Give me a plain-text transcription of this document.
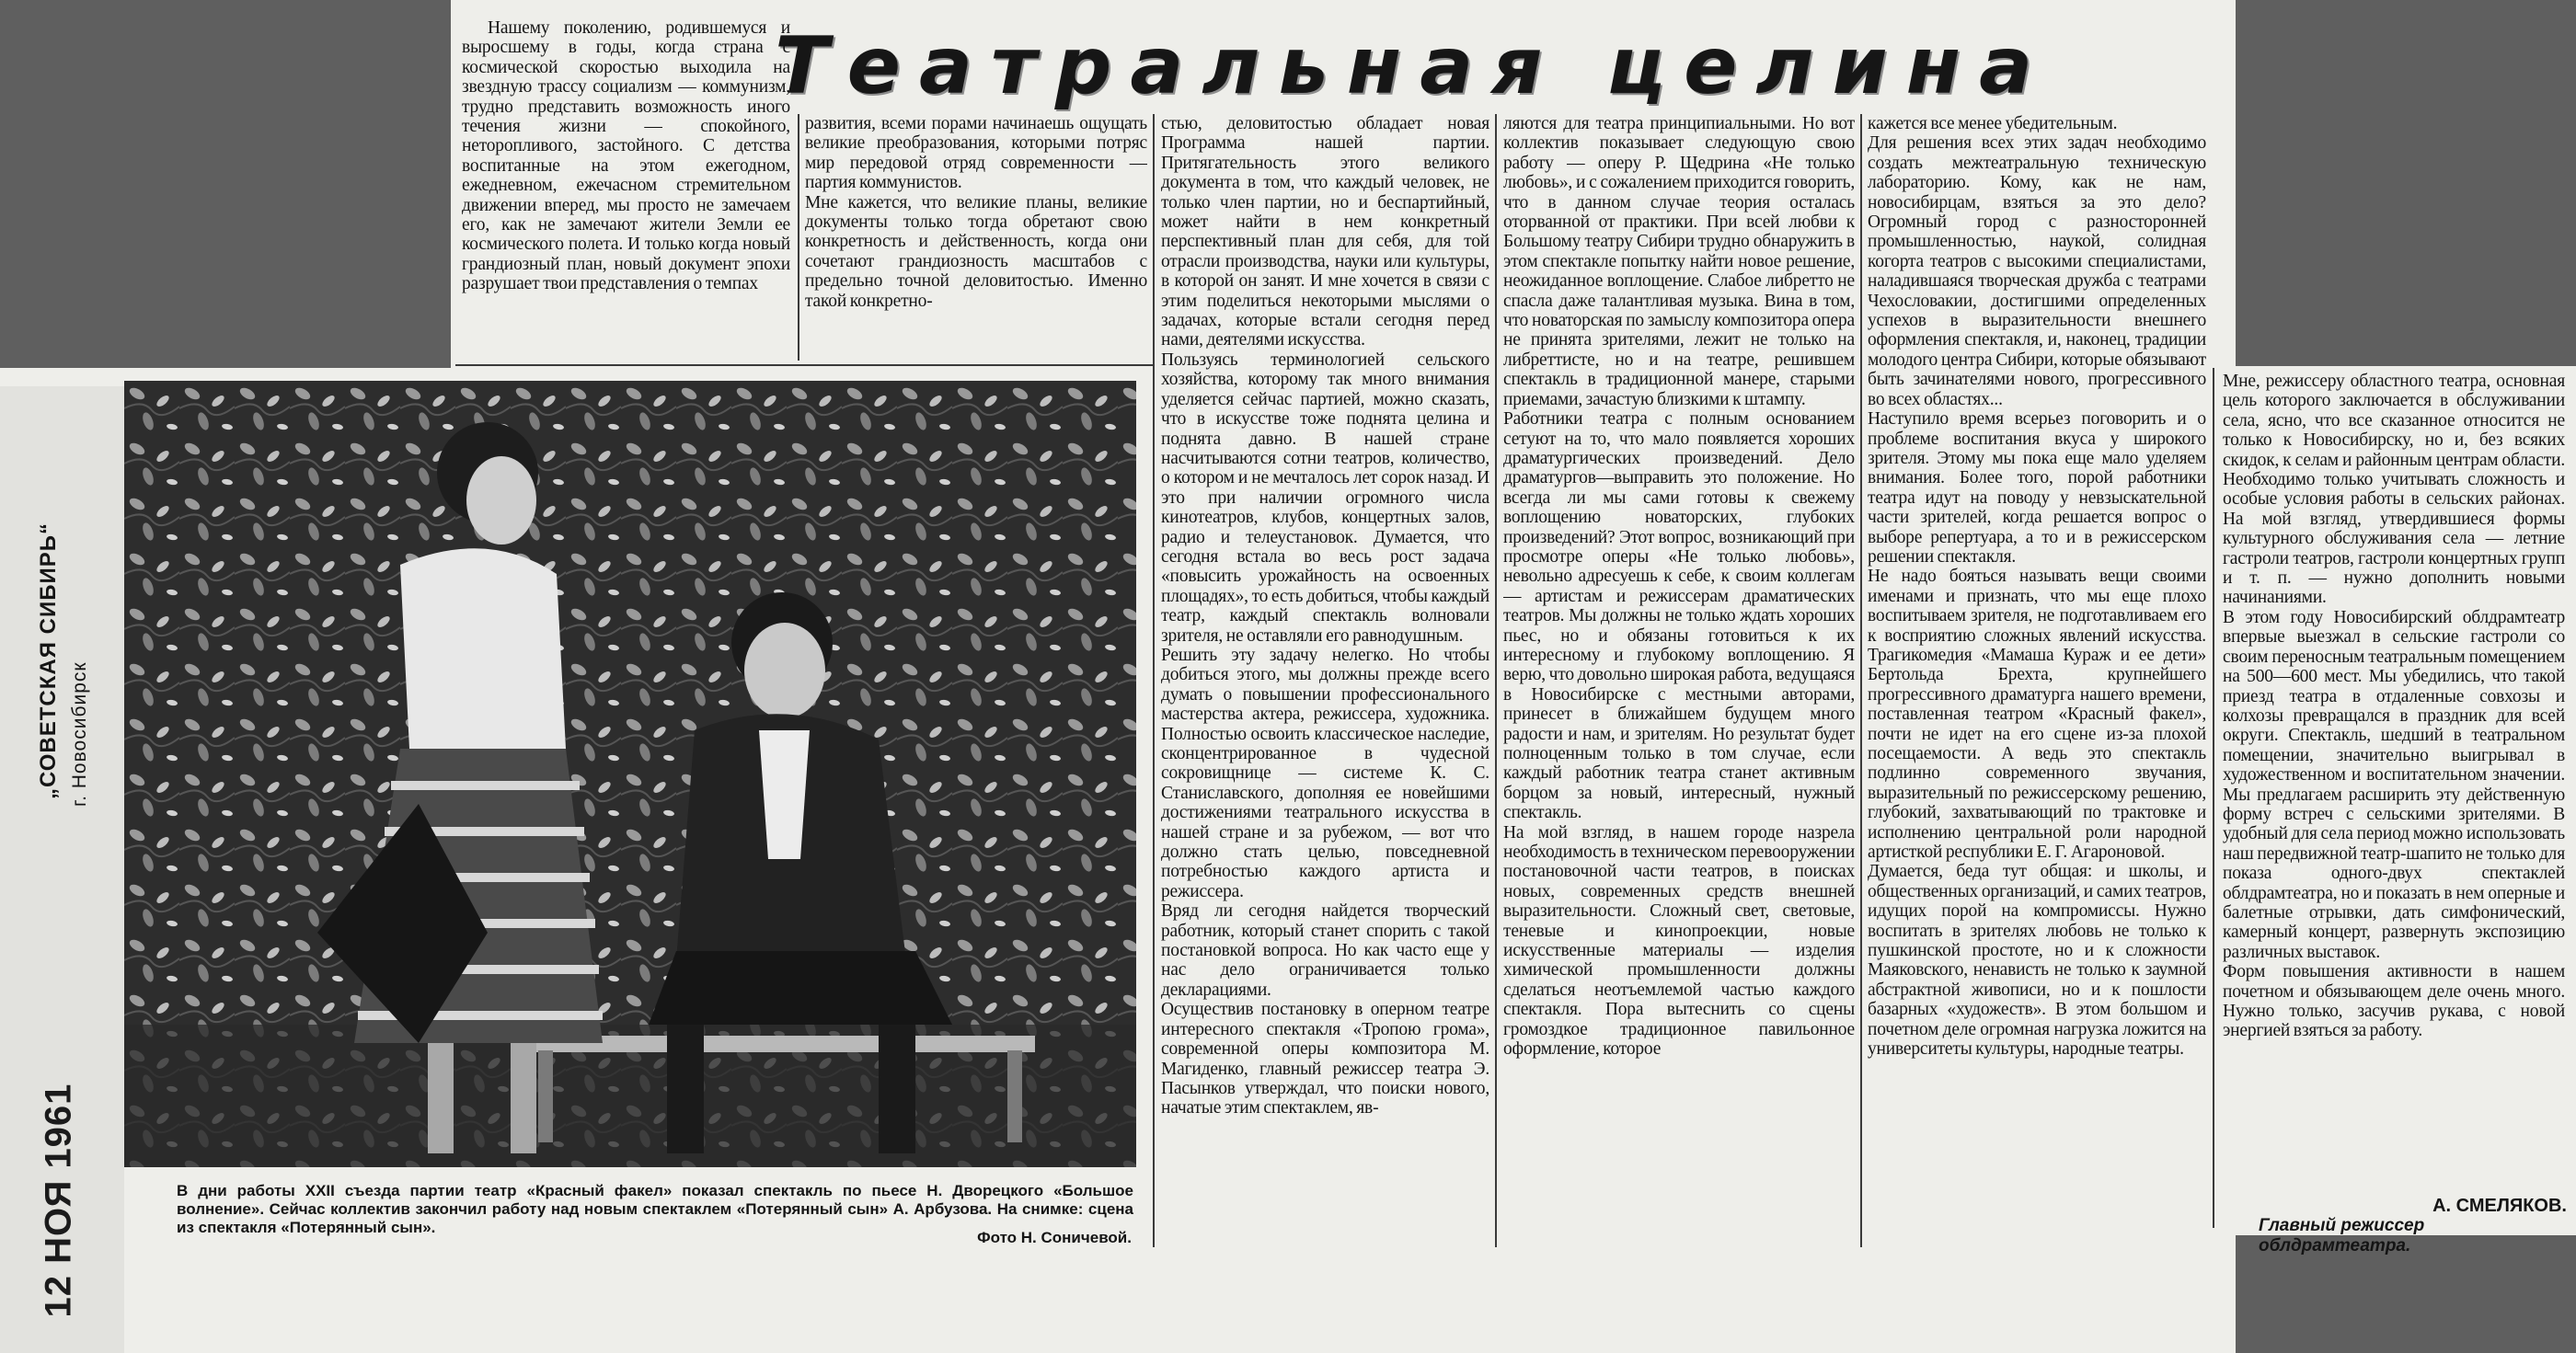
Театральная целина
Нашему поколению, родившемуся и выросшему в годы, когда страна с космической скоростью выходила на звездную трассу социализм — коммунизм, трудно представить возможность иного течения жизни — спокойного, неторопливого, застойного. С детства воспитанные на этом ежегодном, ежедневном, ежечасном стремительном движении вперед, мы просто не замечаем его, как не замечают жители Земли ее космического полета. И только когда новый грандиозный план, новый документ эпохи разрушает твои представления о темпах
развития, всеми порами начинаешь ощущать великие преобразования, которыми потряс мир передовой отряд современности — партия коммунистов.
Мне кажется, что великие планы, великие документы только тогда обретают свою конкретность и действенность, когда они сочетают грандиозность масштабов с предельно точной деловитостью. Именно такой конкретно-
стью, деловитостью обладает новая Программа нашей партии. Притягательность этого великого документа в том, что каждый человек, не только член партии, но и беспартийный, может найти в нем конкретный перспективный план для себя, для той отрасли производства, науки или культуры, в которой он занят. И мне хочется в связи с этим поделиться некоторыми мыслями о задачах, которые встали сегодня перед нами, деятелями искусства.
Пользуясь терминологией сельского хозяйства, которому так много внимания уделяется сейчас партией, можно сказать, что в искусстве тоже поднята целина и поднята давно. В нашей стране насчитываются сотни театров, количество, о котором и не мечталось лет сорок назад. И это при наличии огромного числа кинотеатров, клубов, концертных залов, радио и телеустановок. Думается, что сегодня встала во весь рост задача «повысить урожайность на освоенных площадях», то есть добиться, чтобы каждый театр, каждый спектакль волновали зрителя, не оставляли его равнодушным.
Решить эту задачу нелегко. Но чтобы добиться этого, мы должны прежде всего думать о повышении профессионального мастерства актера, режиссера, художника. Полностью освоить классическое наследие, сконцентрированное в чудесной сокровищнице — системе К. С. Станиславского, дополняя ее новейшими достижениями театрального искусства в нашей стране и за рубежом, — вот что должно стать целью, повседневной потребностью каждого артиста и режиссера.
Вряд ли сегодня найдется творческий работник, который станет спорить с такой постановкой вопроса. Но как часто еще у нас дело ограничивается только декларациями.
Осуществив постановку в оперном театре интересного спектакля «Тропою грома», современной оперы композитора М. Магиденко, главный режиссер театра Э. Пасынков утверждал, что поиски нового, начатые этим спектаклем, яв-
ляются для театра принципиальными. Но вот коллектив показывает следующую свою работу — оперу Р. Щедрина «Не только любовь», и с сожалением приходится говорить, что в данном случае теория осталась оторванной от практики. При всей любви к Большому театру Сибири трудно обнаружить в этом спектакле попытку найти новое решение, неожиданное воплощение. Слабое либретто не спасла даже талантливая музыка. Вина в том, что новаторская по замыслу композитора опера не принята зрителями, лежит не только на либреттисте, но и на театре, решившем спектакль в традиционной манере, старыми приемами, зачастую близкими к штампу.
Работники театра с полным основанием сетуют на то, что мало появляется хороших драматургических произведений. Дело драматургов—выправить это положение. Но всегда ли мы сами готовы к свежему воплощению новаторских, глубоких произведений? Этот вопрос, возникающий при просмотре оперы «Не только любовь», невольно адресуешь к себе, к своим коллегам — артистам и режиссерам драматических театров. Мы должны не только ждать хороших пьес, но и обязаны готовиться к их интересному и глубокому воплощению. Я верю, что довольно широкая работа, ведущаяся в Новосибирске с местными авторами, принесет в ближайшем будущем много радости и нам, и зрителям. Но результат будет полноценным только в том случае, если каждый работник театра станет активным борцом за новый, интересный, нужный спектакль.
На мой взгляд, в нашем городе назрела необходимость в техническом перевооружении постановочной части театров, в поисках новых, современных средств внешней выразительности. Сложный свет, световые, теневые и кинопроекции, новые искусственные материалы — изделия химической промышленности должны сделаться неотъемлемой частью каждого спектакля. Пора вытеснить со сцены громоздкое традиционное павильонное оформление, которое
кажется все менее убедительным.
Для решения всех этих задач необходимо создать межтеатральную техническую лабораторию. Кому, как не нам, новосибирцам, взяться за это дело? Огромный город с разносторонней промышленностью, наукой, солидная когорта театров с высокими специалистами, наладившаяся творческая дружба с театрами Чехословакии, достигшими определенных успехов в выразительности внешнего оформления спектакля, и, наконец, традиции молодого центра Сибири, которые обязывают быть зачинателями нового, прогрессивного во всех областях...
Наступило время всерьез поговорить и о проблеме воспитания вкуса у широкого зрителя. Этому мы пока еще мало уделяем внимания. Более того, порой работники театра идут на поводу у невзыскательной части зрителей, когда решается вопрос о выборе репертуара, а то и в режиссерском решении спектакля.
Не надо бояться называть вещи своими именами и признать, что мы еще плохо воспитываем зрителя, не подготавливаем его к восприятию сложных явлений искусства. Трагикомедия «Мамаша Кураж и ее дети» Бертольда Брехта, крупнейшего прогрессивного драматурга нашего времени, поставленная театром «Красный факел», почти не идет на его сцене из-за плохой посещаемости. А ведь это спектакль подлинно современного звучания, выразительный по режиссерскому решению, глубокий, захватывающий по трактовке и исполнению центральной роли народной артисткой республики Е. Г. Агароновой.
Думается, беда тут общая: и школы, и общественных организаций, и самих театров, идущих порой на компромиссы. Нужно воспитать в зрителях любовь не только к пушкинской простоте, но и к сложности Маяковского, ненависть не только к заумной абстрактной живописи, но и к пошлости базарных «художеств». В этом большом и почетном деле огромная нагрузка ложится на университеты культуры, народные театры.
Мне, режиссеру областного театра, основная цель которого заключается в обслуживании села, ясно, что все сказанное относится не только к Новосибирску, но и, без всяких скидок, к селам и районным центрам области. Необходимо только учитывать сложность и особые условия работы в сельских районах. На мой взгляд, утвердившиеся формы культурного обслуживания села — летние гастроли театров, гастроли концертных групп и т. п. — нужно дополнить новыми начинаниями.
В этом году Новосибирский облдрамтеатр впервые выезжал в сельские гастроли со своим переносным театральным помещением на 500—600 мест. Мы убедились, что такой приезд театра в отдаленные совхозы и колхозы превращался в праздник для всей округи. Спектакль, шедший в театральном помещении, значительно выигрывал в художественном и воспитательном значении. Мы предлагаем расширить эту действенную форму встреч с сельскими зрителями. В удобный для села период можно использовать наш передвижной театр-шапито не только для показа одного-двух спектаклей облдрамтеатра, но и показать в нем оперные и балетные отрывки, дать симфонический, камерный концерт, развернуть экспозицию различных выставок.
Форм повышения активности в нашем почетном и обязывающем деле очень много. Нужно только, засучив рукава, с новой энергией взяться за работу.
А. СМЕЛЯКОВ.
Главный режиссер облдрамтеатра.
В дни работы XXII съезда партии театр «Красный факел» показал спектакль по пьесе Н. Дворецкого «Большое волнение». Сейчас коллектив закончил работу над новым спектаклем «Потерянный сын» А. Арбузова. На снимке: сцена из спектакля «Потерянный сын».
Фото Н. Соничевой.
„СОВЕТСКАЯ СИБИРЬ“ г. Новосибирск
12 НОЯ 1961
